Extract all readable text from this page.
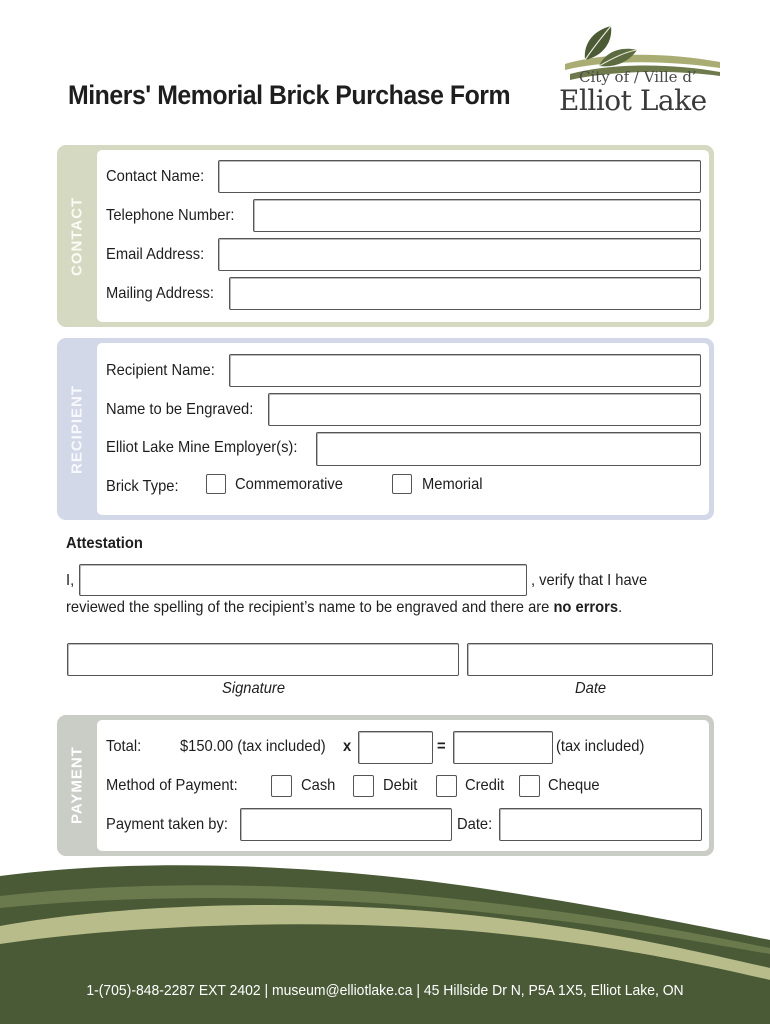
Miners' Memorial Brick Purchase Form
City of / Ville d’
Elliot Lake
CONTACT
Contact Name:
Telephone Number:
Email Address:
Mailing Address:
RECIPIENT
Recipient Name:
Name to be Engraved:
Elliot Lake Mine Employer(s):
Brick Type:	Commemorative	Memorial
Attestation
I,	, verify that I have
reviewed the spelling of the recipient’s name to be engraved and there are no errors.
Signature	Date
PAYMENT
Total: $150.00 (tax included) x	=	(tax included)
Method of Payment:	Cash	Debit	Credit	Cheque
Payment taken by:	Date:
1-(705)-848-2287 EXT 2402 | museum@elliotlake.ca | 45 Hillside Dr N, P5A 1X5, Elliot Lake, ON
